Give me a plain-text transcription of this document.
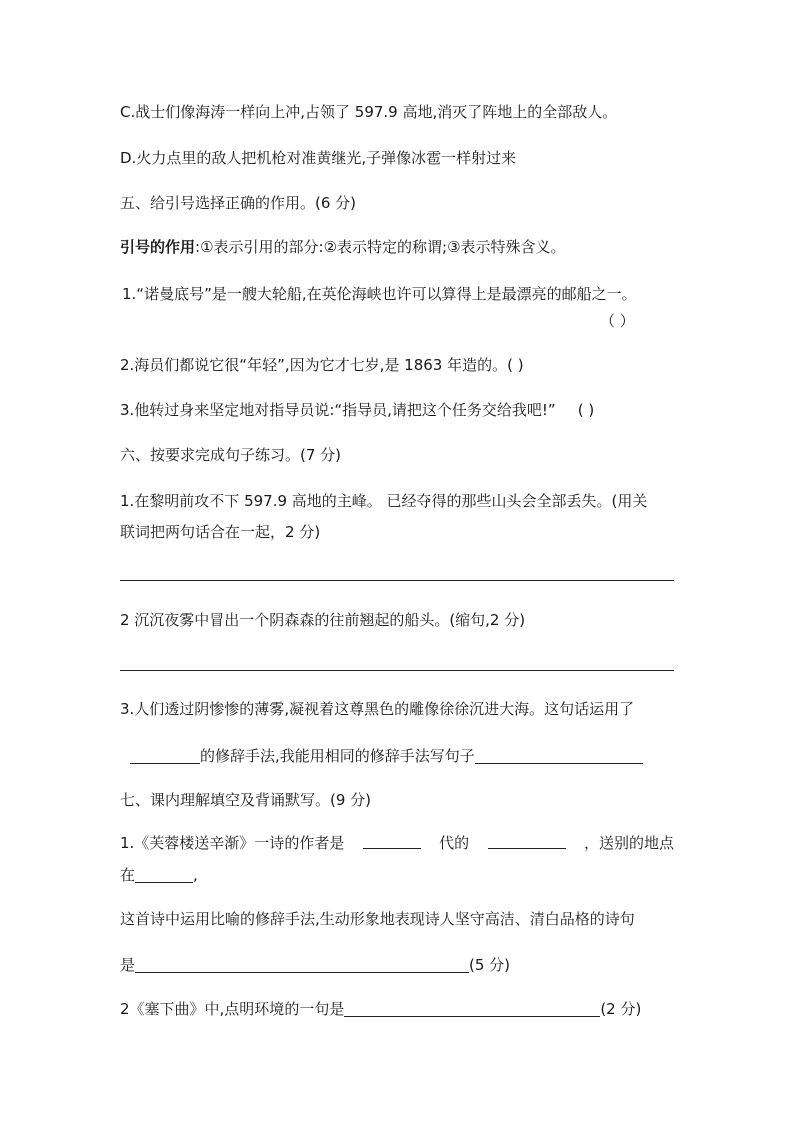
C.战士们像海涛一样向上冲,占领了 597.9 高地,消灭了阵地上的全部敌人。
D.火力点里的敌人把机枪对准黄继光,子弹像冰雹一样射过来
五、给引号选择正确的作用。(6 分)
引号的作用:①表示引用的部分:②表示特定的称谓;③表示特殊含义。
1.“诺曼底号”是一艘大轮船,在英伦海峡也许可以算得上是最漂亮的邮船之一。
（ ）
2.海员们都说它很“年轻”,因为它才七岁,是 1863 年造的。( )
3.他转过身来坚定地对指导员说:“指导员,请把这个任务交给我吧!” ( )
六、按要求完成句子练习。(7 分)
1.在黎明前攻不下 597.9 高地的主峰。 已经夺得的那些山头会全部丢失。(用关
联词把两句话合在一起，2 分)
2 沉沉夜雾中冒出一个阴森森的往前翘起的船头。(缩句,2 分)
3.人们透过阴惨惨的薄雾,凝视着这尊黑色的雕像徐徐沉进大海。这句话运用了
的修辞手法,我能用相同的修辞手法写句子
七、课内理解填空及背诵默写。(9 分)
1.《芙蓉楼送辛渐》一诗的作者是	代的	，送别的地点
在	,
这首诗中运用比喻的修辞手法,生动形象地表现诗人坚守高洁、清白品格的诗句
是	(5 分)
2《塞下曲》中,点明环境的一句是	(2 分)
